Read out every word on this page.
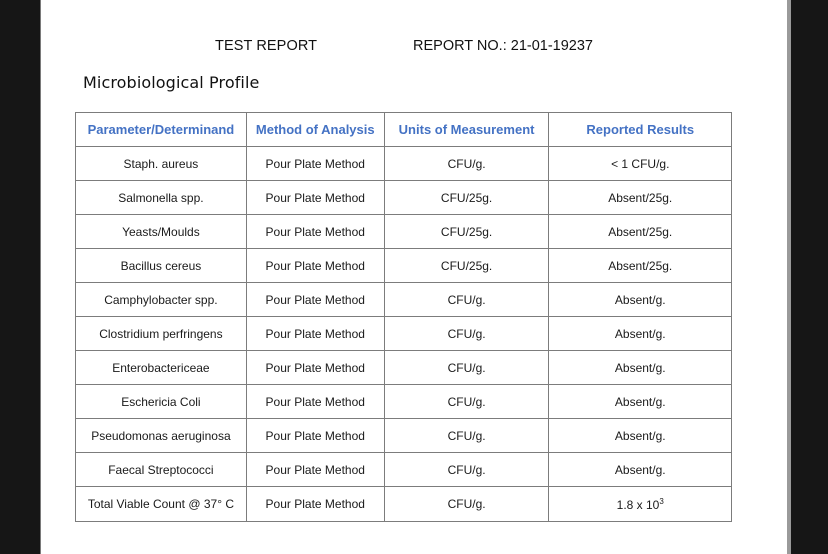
TEST REPORT	REPORT NO.: 21-01-19237
Microbiological Profile
Parameter/Determinand	Method of Analysis	Units of Measurement	Reported Results
Staph. aureus	Pour Plate Method	CFU/g.	< 1 CFU/g.
Salmonella spp.	Pour Plate Method	CFU/25g.	Absent/25g.
Yeasts/Moulds	Pour Plate Method	CFU/25g.	Absent/25g.
Bacillus cereus	Pour Plate Method	CFU/25g.	Absent/25g.
Camphylobacter spp.	Pour Plate Method	CFU/g.	Absent/g.
Clostridium perfringens	Pour Plate Method	CFU/g.	Absent/g.
Enterobactericeae	Pour Plate Method	CFU/g.	Absent/g.
Eschericia Coli	Pour Plate Method	CFU/g.	Absent/g.
Pseudomonas aeruginosa	Pour Plate Method	CFU/g.	Absent/g.
Faecal Streptococci	Pour Plate Method	CFU/g.	Absent/g.
Total Viable Count @ 37° C	Pour Plate Method	CFU/g.	1.8 x $10^3$
